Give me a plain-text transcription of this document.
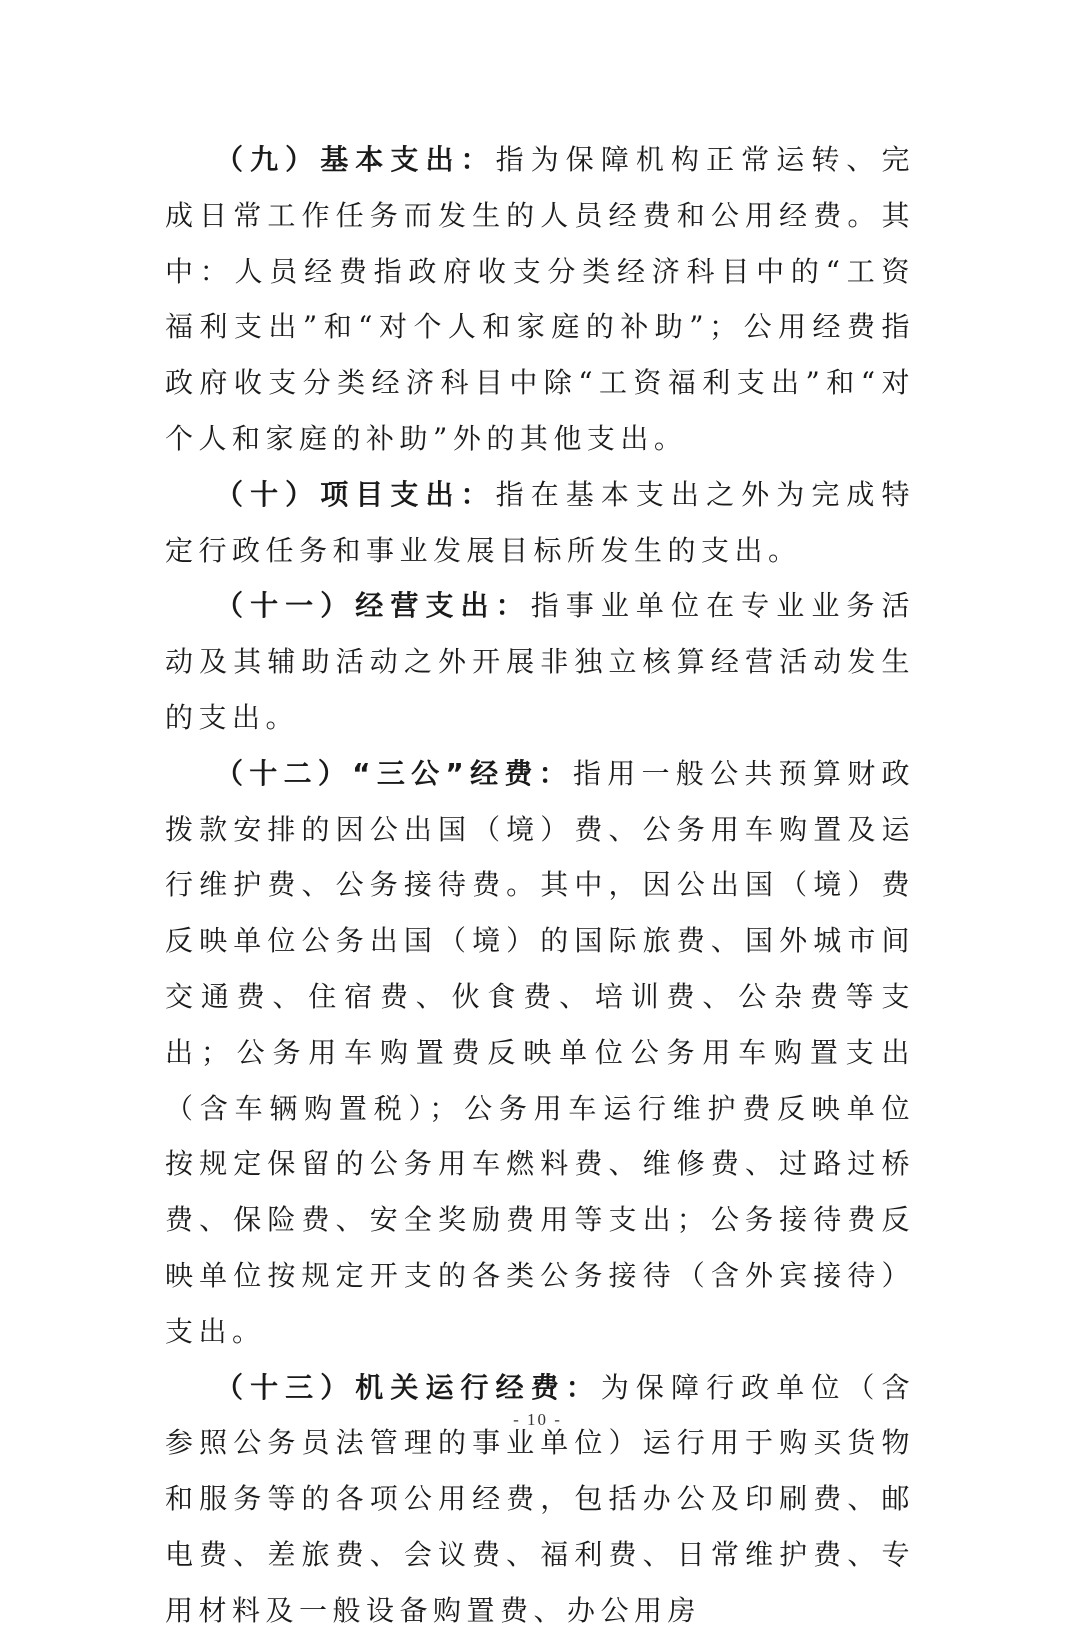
（九）基本支出：指为保障机构正常运转、完成日常工作任务而发生的人员经费和公用经费。其中：人员经费指政府收支分类经济科目中的“工资福利支出”和“对个人和家庭的补助”；公用经费指政府收支分类经济科目中除“工资福利支出”和“对个人和家庭的补助”外的其他支出。

（十）项目支出：指在基本支出之外为完成特定行政任务和事业发展目标所发生的支出。

（十一）经营支出：指事业单位在专业业务活动及其辅助活动之外开展非独立核算经营活动发生的支出。

（十二）“三公”经费：指用一般公共预算财政拨款安排的因公出国（境）费、公务用车购置及运行维护费、公务接待费。其中，因公出国（境）费反映单位公务出国（境）的国际旅费、国外城市间交通费、住宿费、伙食费、培训费、公杂费等支出；公务用车购置费反映单位公务用车购置支出（含车辆购置税）；公务用车运行维护费反映单位按规定保留的公务用车燃料费、维修费、过路过桥费、保险费、安全奖励费用等支出；公务接待费反映单位按规定开支的各类公务接待（含外宾接待）支出。

（十三）机关运行经费：为保障行政单位（含参照公务员法管理的事业单位）运行用于购买货物和服务等的各项公用经费，包括办公及印刷费、邮电费、差旅费、会议费、福利费、日常维护费、专用材料及一般设备购置费、办公用房

- 10 -
